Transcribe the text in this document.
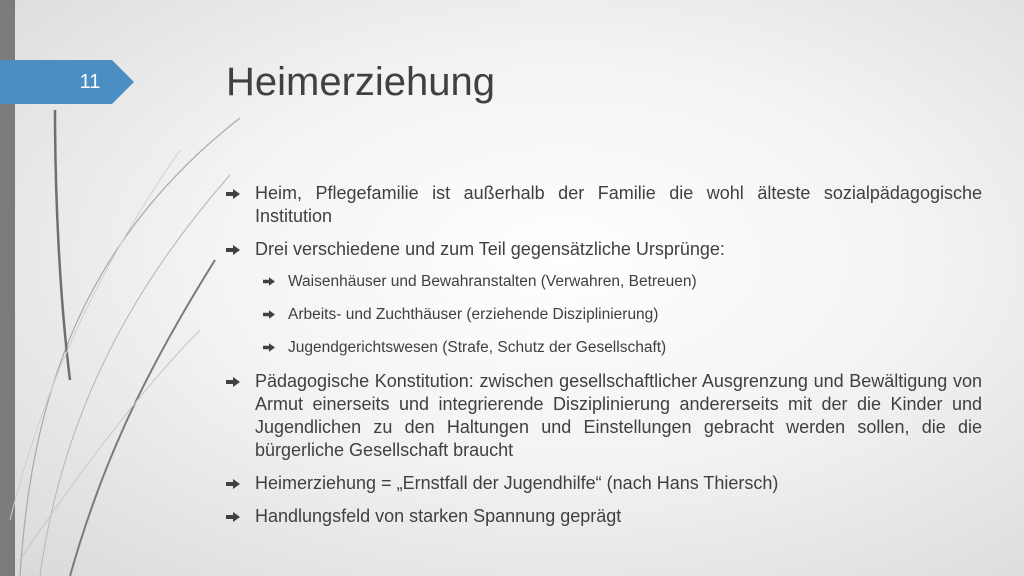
11	Heimerziehung
Heim, Pflegefamilie ist außerhalb der Familie die wohl älteste sozialpädagogische Institution
Drei verschiedene und zum Teil gegensätzliche Ursprünge:
Waisenhäuser und Bewahranstalten (Verwahren, Betreuen)
Arbeits- und Zuchthäuser (erziehende Disziplinierung)
Jugendgerichtswesen (Strafe, Schutz der Gesellschaft)
Pädagogische Konstitution: zwischen gesellschaftlicher Ausgrenzung und Bewältigung von Armut einerseits und integrierende Disziplinierung andererseits mit der die Kinder und Jugendlichen zu den Haltungen und Einstellungen gebracht werden sollen, die die bürgerliche Gesellschaft braucht
Heimerziehung = „Ernstfall der Jugendhilfe“ (nach Hans Thiersch)
Handlungsfeld von starken Spannung geprägt
